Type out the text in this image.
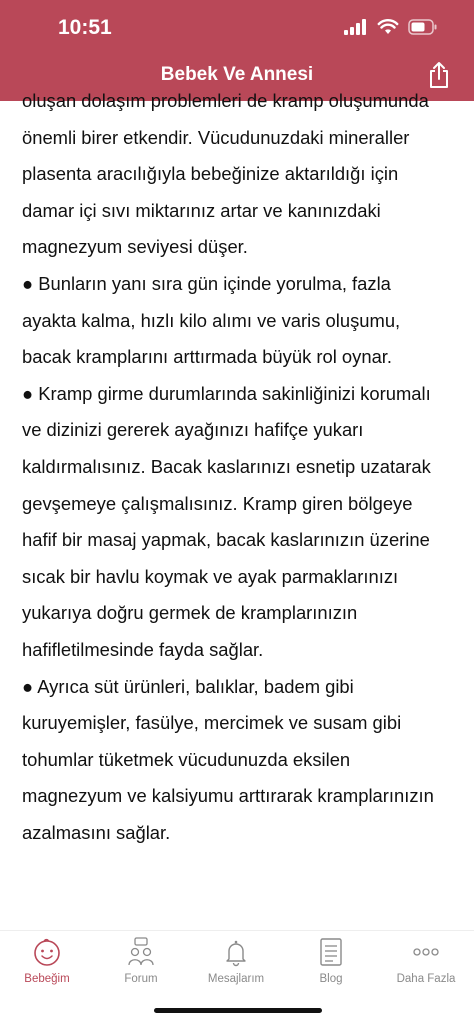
10:51
Bebek Ve Annesi

oluşan dolaşım problemleri de kramp oluşumunda

önemli birer etkendir. Vücudunuzdaki mineraller

plasenta aracılığıyla bebeğinize aktarıldığı için

damar içi sıvı miktarınız artar ve kanınızdaki

magnezyum seviyesi düşer.

● Bunların yanı sıra gün içinde yorulma, fazla

ayakta kalma, hızlı kilo alımı ve varis oluşumu,

bacak kramplarını arttırmada büyük rol oynar.

● Kramp girme durumlarında sakinliğinizi korumalı

ve dizinizi gererek ayağınızı hafifçe yukarı

kaldırmalısınız. Bacak kaslarınızı esnetip uzatarak

gevşemeye çalışmalısınız. Kramp giren bölgeye

hafif bir masaj yapmak, bacak kaslarınızın üzerine

sıcak bir havlu koymak ve ayak parmaklarınızı

yukarıya doğru germek de kramplarınızın

hafifletilmesinde fayda sağlar.

● Ayrıca süt ürünleri, balıklar, badem gibi

kuruyemişler, fasülye, mercimek ve susam gibi

tohumlar tüketmek vücudunuzda eksilen

magnezyum ve kalsiyumu arttırarak kramplarınızın

azalmasını sağlar.

Bebeğim	Forum	Mesajlarım	Blog	Daha Fazla
